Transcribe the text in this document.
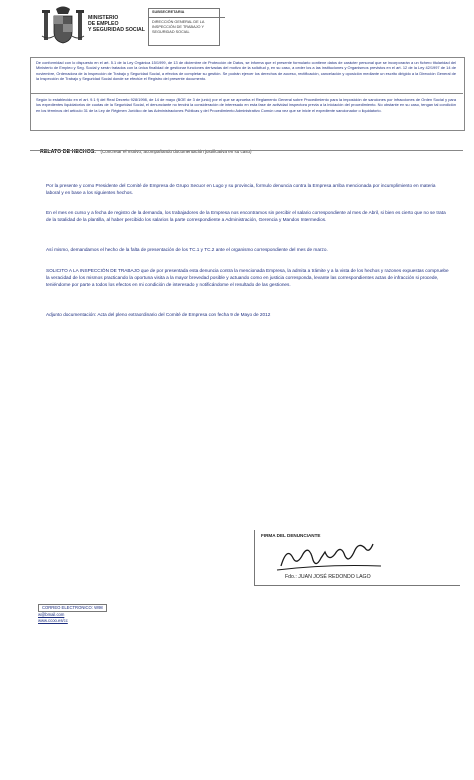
MINISTERIO
DE EMPLEO
Y SEGURIDAD SOCIAL
SUBSECRETARIA
DIRECCIÓN GENERAL DE LA INSPECCIÓN DE TRABAJO Y SEGURIDAD SOCIAL
De conformidad con lo dispuesto en el art. 5.1 de la Ley Orgánica 15/1999, de 13 de diciembre de Protección de Datos, se informa que el presente formulario contiene datos de carácter personal que se incorporarán a un fichero titularidad del Ministerio de Empleo y Seg. Social y serán tratados con la única finalidad de gestionar funciones derivadas del motivo de la solicitud y, en su caso, a ceder los a las instituciones y Organismos previstos en el art. 12 de la Ley 42/1997 de 14 de noviembre, Ordenadora de la Inspección de Trabajo y Seguridad Social, a efectos de completar su gestión. Se podrán ejercer los derechos de acceso, rectificación, cancelación y oposición mediante un escrito dirigido a la Dirección General de la Inspección de Trabajo y Seguridad Social donde se efectúe el Registro del presente documento.
Según lo establecido en el art. 9.1 f) del Real Decreto 928/1998, de 14 de mayo (BOE de 3 de junio) por el que se aprueba el Reglamento General sobre Procedimiento para la imposición de sanciones por infracciones de Orden Social y para los expedientes liquidatorios de cuotas de la Seguridad Social, el denunciante no tendrá la consideración de interesado en esta fase de actividad inspectora previa a la iniciación del procedimiento. No obstante en su caso, tengan tal condición en los términos del artículo 31 de la Ley de Régimen Jurídico de las Administraciones Públicas y del Procedimiento Administrativo Común una vez que se inicie el expediente sancionador o liquidatorio.
RELATO DE HECHOS: (Concretar el motivo, acompañando documentación justificativa en su caso)
Por la presente y como Presidente del Comité de Empresa de Grupo Secuor en Lugo y su provincia, formulo denuncia contra la Empresa arriba mencionada por incumplimiento en materia laboral y en base a los siguientes hechos.
En el mes en curso y a fecha de registro de la demanda, los trabajadores de la Empresa nos encontramos sin percibir el salario correspondiente al mes de Abril, si bien es cierto que no se trata de la totalidad de la plantilla, al haber percibido los salarios la parte correspondiente a Administración, Gerencia y Mandos Intermedios.
Así mismo, demandamos el hecho de la falta de presentación de los TC.1 y TC.2 ante el organismo correspondiente del mes de marzo.
SOLICITO A LA INSPECCIÓN DE TRABAJO que de por presentada esta denuncia contra la mencionada Empresa, la admita a trámite y a la vista de los hechos y razones expuestas compruebe la veracidad de los mismos practicando la oportuna visita a la mayor brevedad posible y actuando como en justicia corresponda, levante las correspondientes actas de infracción si procede, teniéndome por parte a todos los efectos en mi condición de interesado y notificándome el resultado de las gestiones.
Adjunto documentación: Acta del pleno extraordinario del Comité de Empresa con fecha 9 de Mayo de 2012
FIRMA DEL DENUNCIANTE
Fdo.: JUAN JOSÉ REDONDO LAGO
CORREO ELECTRONICO: W98
w@bmail.com
www.ccoo.es/cc
